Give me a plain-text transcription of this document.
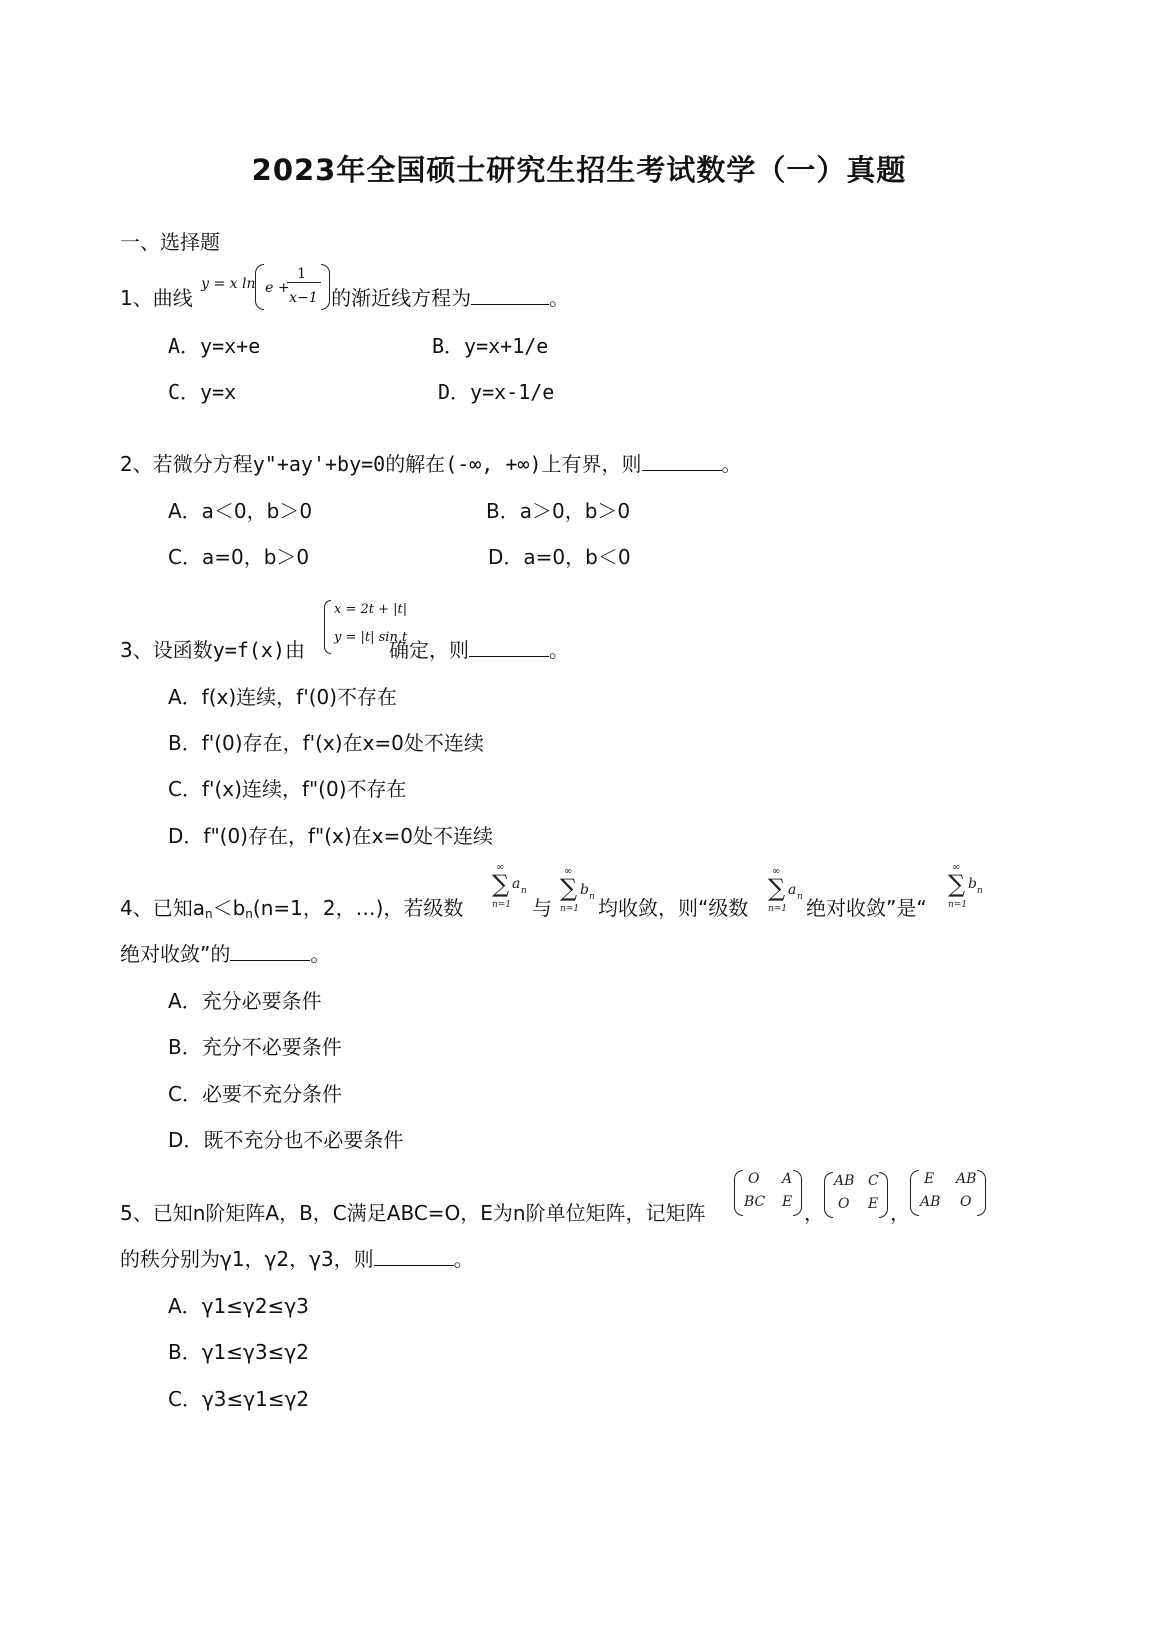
2023年全国硕士研究生招生考试数学（一）真题
一、选择题
1、曲线
y = x ln e +
1
x−1 的渐近线方程为	。
A．y=x+e	B．y=x+1/e
C．y=x	D．y=x-1/e
2、若微分方程y"+ay'+by=0的解在(-∞, +∞)上有界，则	。
A．a＜0，b＞0	B．a＞0，b＞0
C．a=0，b＞0	D．a=0，b＜0
x = 2t + |t|
y = |t| sin t
3、设函数y=f(x)由	确定，则	。
A．f(x)连续，f'(0)不存在
B．f'(0)存在，f'(x)在x=0处不连续
C．f'(x)连续，f"(0)不存在
D．f"(0)存在，f"(x)在x=0处不连续
∞
∑
n=1
a n
∞
∑
n=1
b n
∞
∑
n=1
a n
∞
∑
n=1
b n
4、已知an＜bn(n=1，2，…)，若级数	与 均收敛，则“级数	绝对收敛”是“
绝对收敛”的	。
A．充分必要条件
B．充分不必要条件
C．必要不充分条件
D．既不充分也不必要条件
O A
BC E
AB C
O E
E AB
AB O
5、已知n阶矩阵A，B，C满足ABC=O，E为n阶单位矩阵，记矩阵	，	，
的秩分别为γ1，γ2，γ3，则	。
A．γ1≤γ2≤γ3
B．γ1≤γ3≤γ2
C．γ3≤γ1≤γ2
